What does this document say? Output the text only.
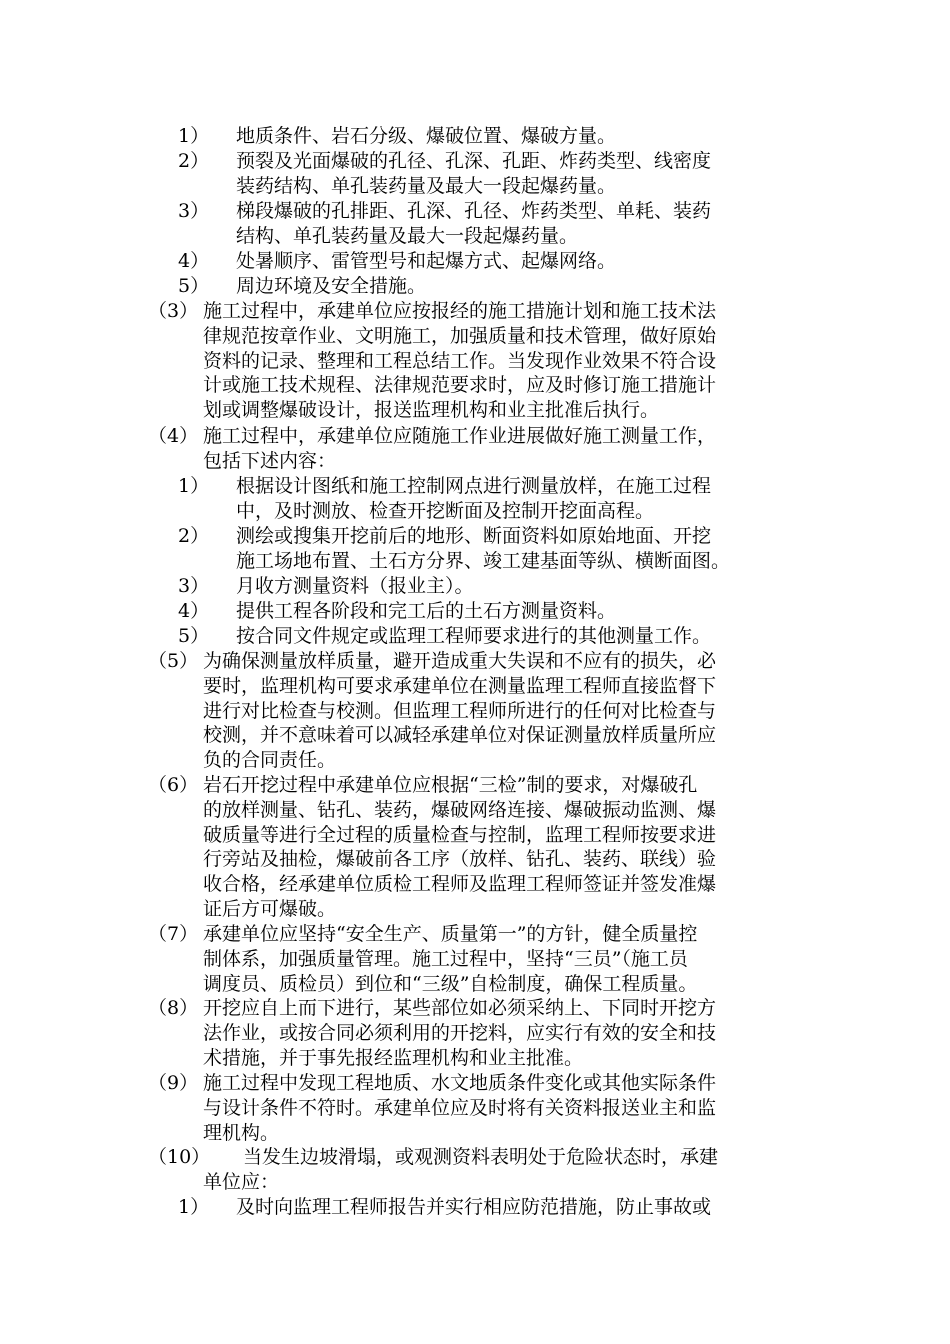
1） 地质条件、岩石分级、爆破位置、爆破方量。
2） 预裂及光面爆破的孔径、孔深、孔距、炸药类型、线密度
装药结构、单孔装药量及最大一段起爆药量。
3） 梯段爆破的孔排距、孔深、孔径、炸药类型、单耗、装药
结构、单孔装药量及最大一段起爆药量。
4） 处暑顺序、雷管型号和起爆方式、起爆网络。
5） 周边环境及安全措施。
（3） 施工过程中，承建单位应按报经的施工措施计划和施工技术法
律规范按章作业、文明施工，加强质量和技术管理，做好原始
资料的记录、整理和工程总结工作。当发现作业效果不符合设
计或施工技术规程、法律规范要求时，应及时修订施工措施计
划或调整爆破设计，报送监理机构和业主批准后执行。
（4） 施工过程中，承建单位应随施工作业进展做好施工测量工作，
包括下述内容：
1） 根据设计图纸和施工控制网点进行测量放样，在施工过程
中，及时测放、检查开挖断面及控制开挖面高程。
2） 测绘或搜集开挖前后的地形、断面资料如原始地面、开挖
施工场地布置、土石方分界、竣工建基面等纵、横断面图。
3） 月收方测量资料（报业主）。
4） 提供工程各阶段和完工后的土石方测量资料。
5） 按合同文件规定或监理工程师要求进行的其他测量工作。
（5） 为确保测量放样质量，避开造成重大失误和不应有的损失，必
要时，监理机构可要求承建单位在测量监理工程师直接监督下
进行对比检查与校测。但监理工程师所进行的任何对比检查与
校测，并不意味着可以减轻承建单位对保证测量放样质量所应
负的合同责任。
（6） 岩石开挖过程中承建单位应根据“三检”制的要求，对爆破孔
的放样测量、钻孔、装药，爆破网络连接、爆破振动监测、爆
破质量等进行全过程的质量检查与控制，监理工程师按要求进
行旁站及抽检，爆破前各工序（放样、钻孔、装药、联线）验
收合格，经承建单位质检工程师及监理工程师签证并签发准爆
证后方可爆破。
（7） 承建单位应坚持“安全生产、质量第一”的方针，健全质量控
制体系，加强质量管理。施工过程中，坚持“三员”（施工员
调度员、质检员）到位和“三级”自检制度，确保工程质量。
（8） 开挖应自上而下进行，某些部位如必须采纳上、下同时开挖方
法作业，或按合同必须利用的开挖料，应实行有效的安全和技
术措施，并于事先报经监理机构和业主批准。
（9） 施工过程中发现工程地质、水文地质条件变化或其他实际条件
与设计条件不符时。承建单位应及时将有关资料报送业主和监
理机构。
（10） 当发生边坡滑塌，或观测资料表明处于危险状态时，承建
单位应：
1） 及时向监理工程师报告并实行相应防范措施，防止事故或
